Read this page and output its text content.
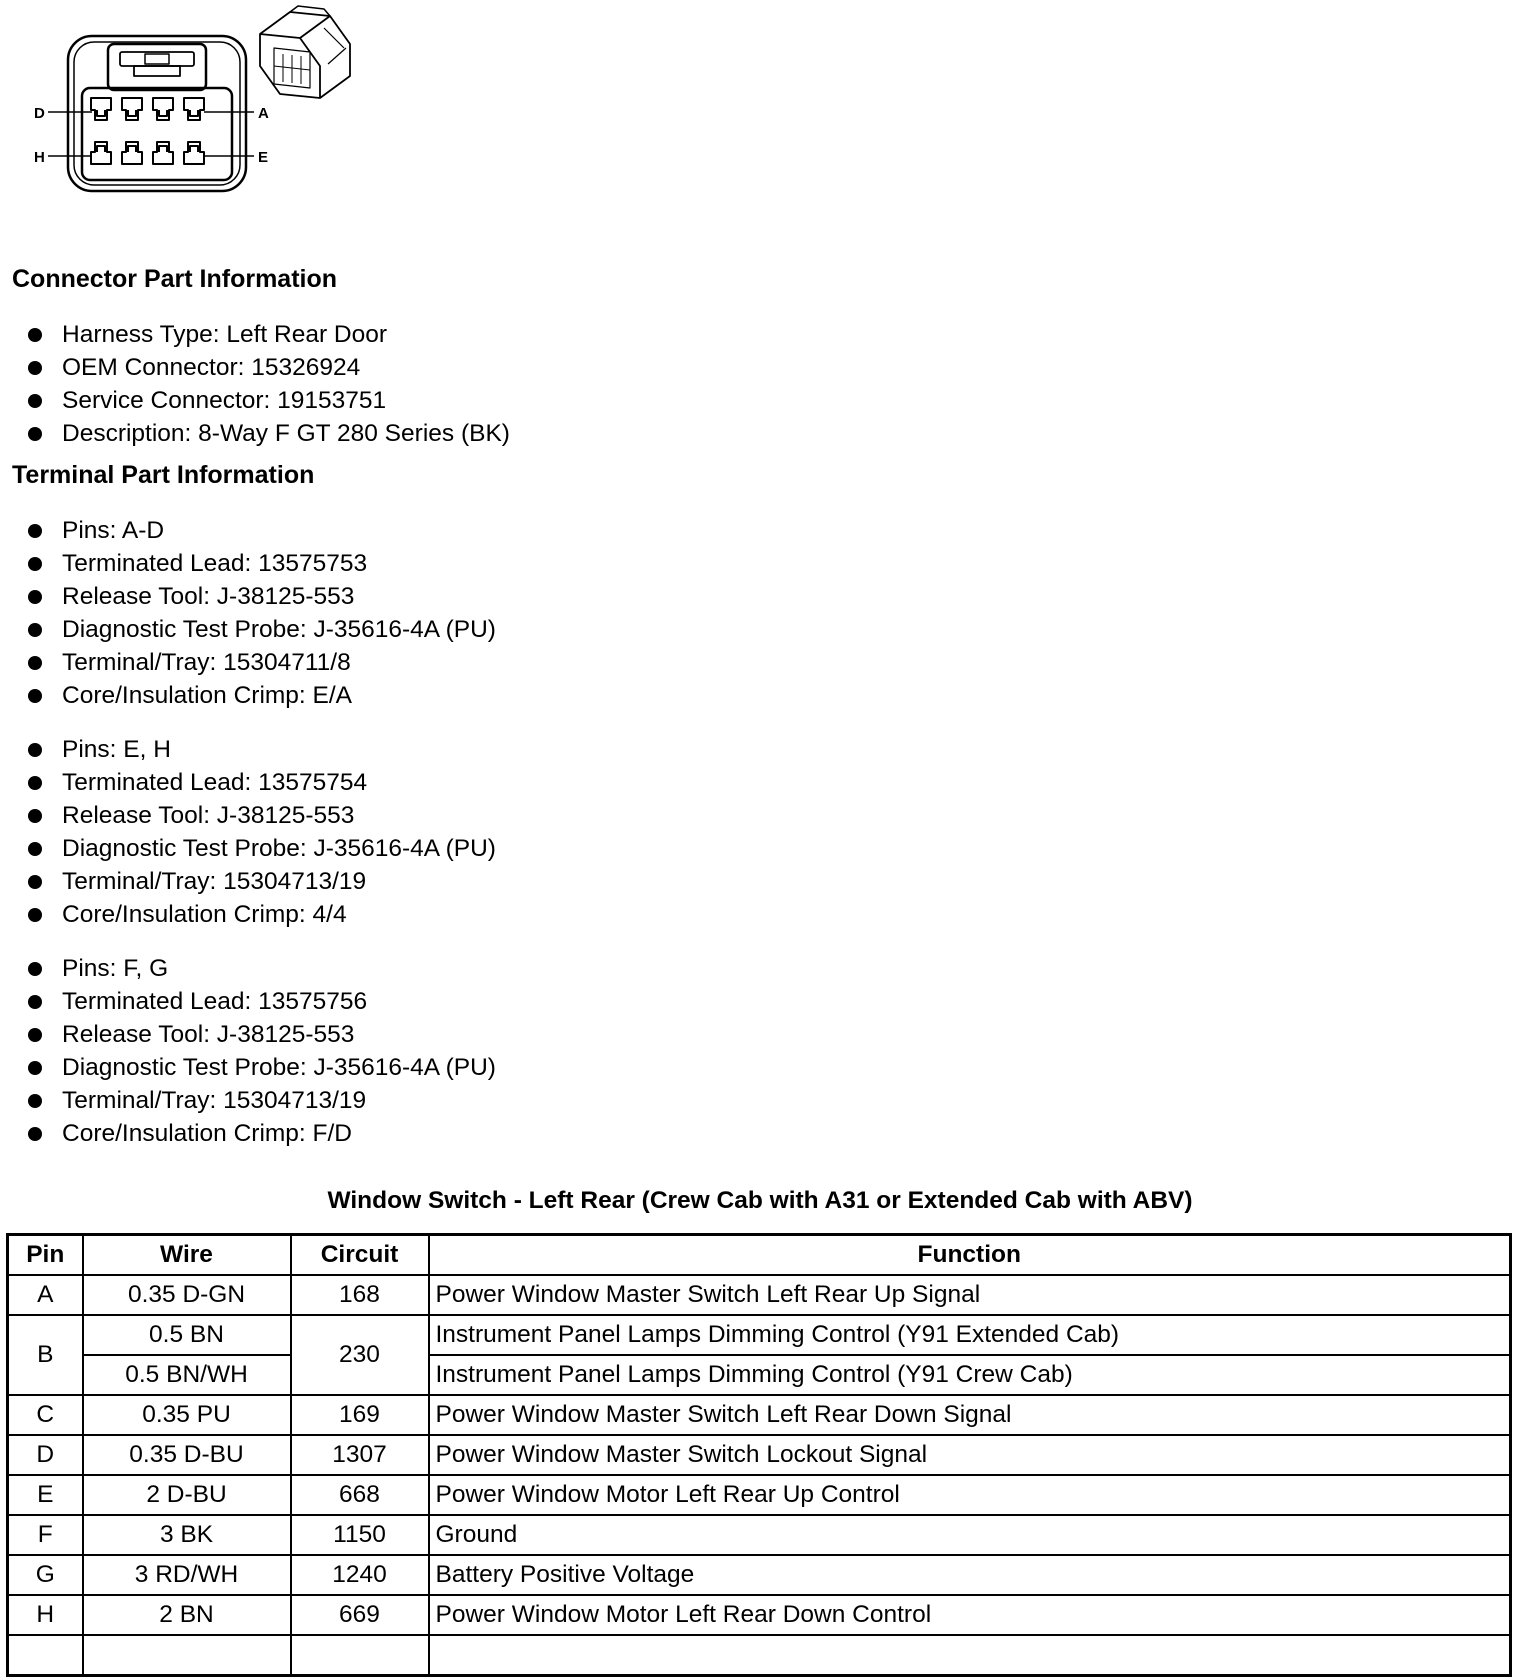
D	A
H	E
Connector Part Information
Harness Type: Left Rear Door
OEM Connector: 15326924
Service Connector: 19153751
Description: 8-Way F GT 280 Series (BK)
Terminal Part Information
Pins: A-D
Terminated Lead: 13575753
Release Tool: J-38125-553
Diagnostic Test Probe: J-35616-4A (PU)
Terminal/Tray: 15304711/8
Core/Insulation Crimp: E/A
Pins: E, H
Terminated Lead: 13575754
Release Tool: J-38125-553
Diagnostic Test Probe: J-35616-4A (PU)
Terminal/Tray: 15304713/19
Core/Insulation Crimp: 4/4
Pins: F, G
Terminated Lead: 13575756
Release Tool: J-38125-553
Diagnostic Test Probe: J-35616-4A (PU)
Terminal/Tray: 15304713/19
Core/Insulation Crimp: F/D
Window Switch - Left Rear (Crew Cab with A31 or Extended Cab with ABV)
Pin	Wire	Circuit	Function
A	0.35 D-GN	168	Power Window Master Switch Left Rear Up Signal
B	0.5 BN	230	Instrument Panel Lamps Dimming Control (Y91 Extended Cab)
	0.5 BN/WH		Instrument Panel Lamps Dimming Control (Y91 Crew Cab)
C	0.35 PU	169	Power Window Master Switch Left Rear Down Signal
D	0.35 D-BU	1307	Power Window Master Switch Lockout Signal
E	2 D-BU	668	Power Window Motor Left Rear Up Control
F	3 BK	1150	Ground
G	3 RD/WH	1240	Battery Positive Voltage
H	2 BN	669	Power Window Motor Left Rear Down Control
